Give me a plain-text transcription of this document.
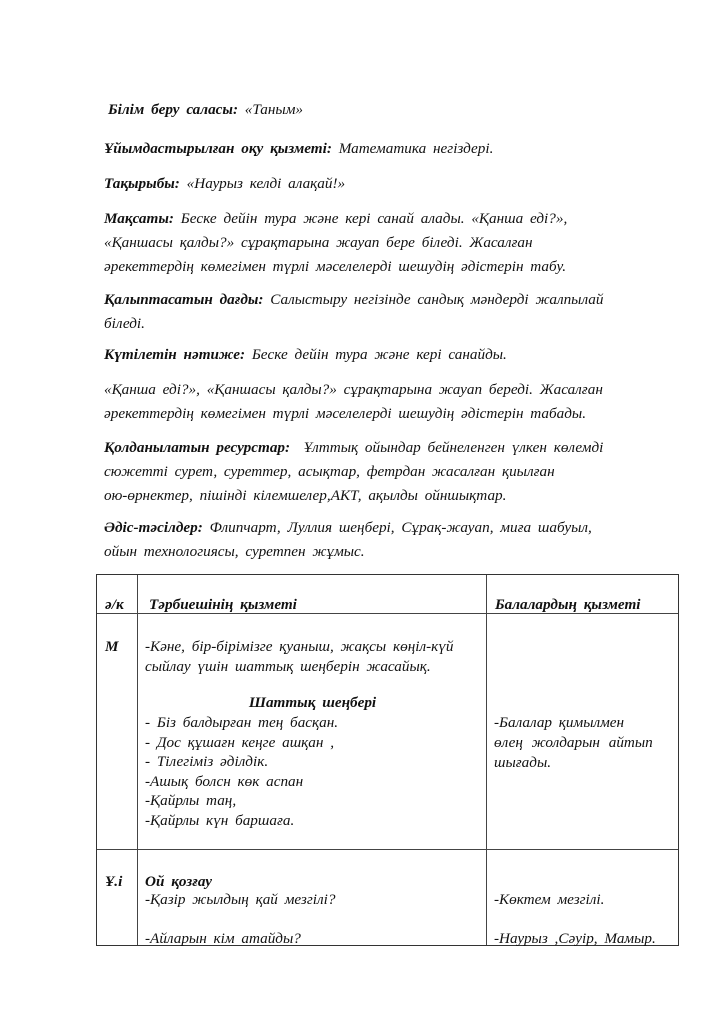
Білім беру саласы: «Таным»
Ұйымдастырылған оқу қызметі: Математика негіздері.
Тақырыбы: «Наурыз келді алақай!»
Мақсаты: Бeске дейін тура және кері санай алады. «Қанша еді?»,
«Қаншасы қалды?» сұрақтарына жауап бере біледі. Жасалған
әрекеттердің көмегімен түрлі мәселелерді шешудің әдістерін табу.
Қалыптасатын дағды: Салыстыру негізінде сандық мәндерді жалпылай
біледі.
Күтілетін нәтиже: Бeске дейін тура және кері санайды.
«Қанша еді?», «Қаншасы қалды?» сұрақтарына жауап береді. Жасалған
әрекеттердің көмегімен түрлі мәселелерді шешудің әдістерін табады.
Қолданылатын ресурстар: Ұлттық ойындар бейнеленген үлкен көлемді
сюжетті сурет, суреттер, асықтар, фетрдан жасалған қиылған
ою-өрнектер, пішінді кілемшелер,АКТ, ақылды ойншықтар.
Әдіс-тәсілдер: Флипчарт, Луллия шеңбері, Сұрақ-жауап, миға шабуыл,
ойын технологиясы, суретпен жұмыс.
ә/к Тәрбиешінің қызметі	Балалардың қызметі
М -Кәне, бір-бірімізге қуаныш, жақсы көңіл-күй
сыйлау үшін шаттық шеңберін жасайық.
Шаттық шеңбері
- Біз балдырған тең басқан.
- Дос құшағн кеңге ашқан ,
- Тілегіміз әділдік.
-Ашық болсн көк аспан
-Қайрлы таң,
-Қайрлы күн баршаға.
-Балалар қимылмен
өлең жолдарын айтып
шығады.
Ұ.і Ой қозғау
-Қазір жылдың қай мезгілі?
-Айларын кім атайды?
-Көктем мезгілі.
-Наурыз ,Сәуір, Мамыр.
